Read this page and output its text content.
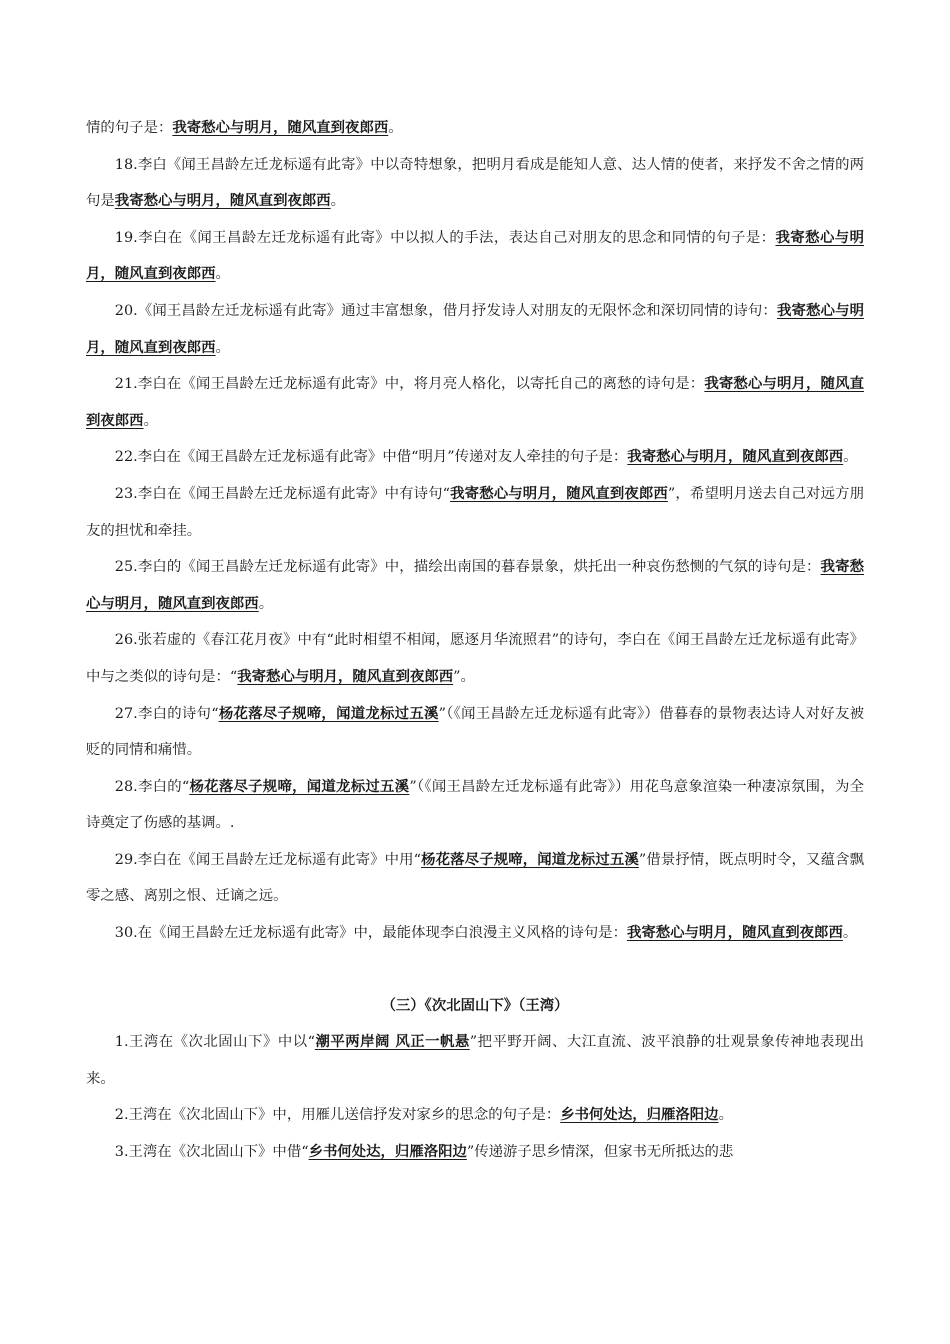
情的句子是：我寄愁心与明月，随风直到夜郎西。

18.李白《闻王昌龄左迁龙标遥有此寄》中以奇特想象，把明月看成是能知人意、达人情的使者，来抒发不舍之情的两句是我寄愁心与明月，随风直到夜郎西。

19.李白在《闻王昌龄左迁龙标遥有此寄》中以拟人的手法，表达自己对朋友的思念和同情的句子是：我寄愁心与明月，随风直到夜郎西。

20.《闻王昌龄左迁龙标遥有此寄》通过丰富想象，借月抒发诗人对朋友的无限怀念和深切同情的诗句：我寄愁心与明月，随风直到夜郎西。

21.李白在《闻王昌龄左迁龙标遥有此寄》中，将月亮人格化，以寄托自己的离愁的诗句是：我寄愁心与明月，随风直到夜郎西。

22.李白在《闻王昌龄左迁龙标遥有此寄》中借“明月”传递对友人牵挂的句子是：我寄愁心与明月，随风直到夜郎西。

23.李白在《闻王昌龄左迁龙标遥有此寄》中有诗句“我寄愁心与明月，随风直到夜郎西”，希望明月送去自己对远方朋友的担忧和牵挂。

25.李白的《闻王昌龄左迁龙标遥有此寄》中，描绘出南国的暮春景象，烘托出一种哀伤愁恻的气氛的诗句是：我寄愁心与明月，随风直到夜郎西。

26.张若虚的《春江花月夜》中有“此时相望不相闻，愿逐月华流照君”的诗句，李白在《闻王昌龄左迁龙标遥有此寄》中与之类似的诗句是：“我寄愁心与明月，随风直到夜郎西”。

27.李白的诗句“杨花落尽子规啼，闻道龙标过五溪”（《闻王昌龄左迁龙标遥有此寄》）借暮春的景物表达诗人对好友被贬的同情和痛惜。

28.李白的“杨花落尽子规啼，闻道龙标过五溪”（《闻王昌龄左迁龙标遥有此寄》）用花鸟意象渲染一种凄凉氛围，为全诗奠定了伤感的基调。.

29.李白在《闻王昌龄左迁龙标遥有此寄》中用“杨花落尽子规啼，闻道龙标过五溪”借景抒情，既点明时令，又蕴含飘零之感、离别之恨、迁谪之远。

30.在《闻王昌龄左迁龙标遥有此寄》中，最能体现李白浪漫主义风格的诗句是：我寄愁心与明月，随风直到夜郎西。

（三）《次北固山下》（王湾）

1.王湾在《次北固山下》中以“潮平两岸阔 风正一帆悬”把平野开阔、大江直流、波平浪静的壮观景象传神地表现出来。

2.王湾在《次北固山下》中，用雁儿送信抒发对家乡的思念的句子是：乡书何处达，归雁洛阳边。

3.王湾在《次北固山下》中借“乡书何处达，归雁洛阳边”传递游子思乡情深，但家书无所抵达的悲
